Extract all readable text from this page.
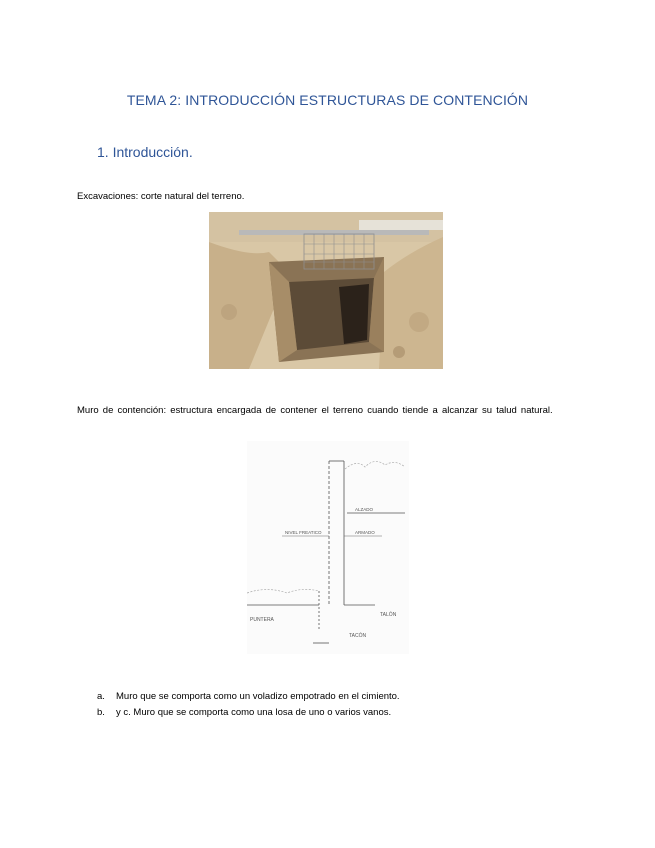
TEMA 2: INTRODUCCIÓN ESTRUCTURAS DE CONTENCIÓN
1. Introducción.
Excavaciones: corte natural del terreno.
Muro de contención: estructura encargada de contener el terreno cuando tiende a alcanzar su talud natural.
ALZADO
NIVEL FREATICO	ARMADO
TALÓN
PUNTERA
TACÓN
a.	Muro que se comporta como un voladizo empotrado en el cimiento.
b.	y c. Muro que se comporta como una losa de uno o varios vanos.
